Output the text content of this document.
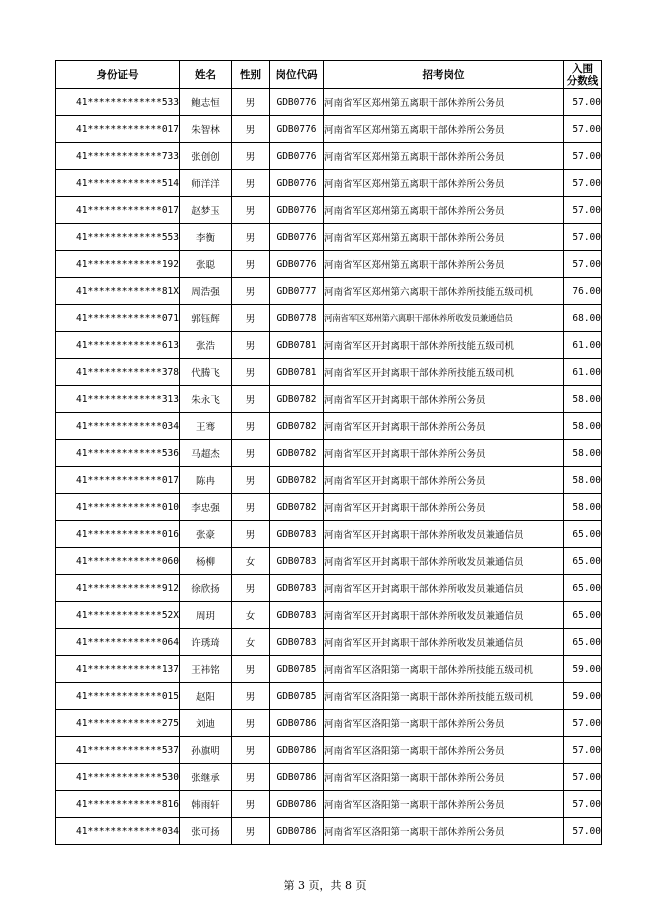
身份证号	姓名	性别	岗位代码	招考岗位	入围
分数线

41*************533	鲍志恒	男	GDB0776	河南省军区郑州第五离职干部休养所公务员	57.00
41*************017	朱智林	男	GDB0776	河南省军区郑州第五离职干部休养所公务员	57.00
41*************733	张创创	男	GDB0776	河南省军区郑州第五离职干部休养所公务员	57.00
41*************514	师洋洋	男	GDB0776	河南省军区郑州第五离职干部休养所公务员	57.00
41*************017	赵梦玉	男	GDB0776	河南省军区郑州第五离职干部休养所公务员	57.00
41*************553	李衡	男	GDB0776	河南省军区郑州第五离职干部休养所公务员	57.00
41*************192	张聪	男	GDB0776	河南省军区郑州第五离职干部休养所公务员	57.00
41*************81X	周浩强	男	GDB0777	河南省军区郑州第六离职干部休养所技能五级司机	76.00
41*************071	郭钰辉	男	GDB0778	河南省军区郑州第六离职干部休养所收发员兼通信员	68.00
41*************613	张浩	男	GDB0781	河南省军区开封离职干部休养所技能五级司机	61.00
41*************378	代腾飞	男	GDB0781	河南省军区开封离职干部休养所技能五级司机	61.00
41*************313	朱永飞	男	GDB0782	河南省军区开封离职干部休养所公务员	58.00
41*************034	王骞	男	GDB0782	河南省军区开封离职干部休养所公务员	58.00
41*************536	马超杰	男	GDB0782	河南省军区开封离职干部休养所公务员	58.00
41*************017	陈冉	男	GDB0782	河南省军区开封离职干部休养所公务员	58.00
41*************010	李忠强	男	GDB0782	河南省军区开封离职干部休养所公务员	58.00
41*************016	张豪	男	GDB0783	河南省军区开封离职干部休养所收发员兼通信员	65.00
41*************060	杨柳	女	GDB0783	河南省军区开封离职干部休养所收发员兼通信员	65.00
41*************912	徐欣扬	男	GDB0783	河南省军区开封离职干部休养所收发员兼通信员	65.00
41*************52X	周玥	女	GDB0783	河南省军区开封离职干部休养所收发员兼通信员	65.00
41*************064	许琇琦	女	GDB0783	河南省军区开封离职干部休养所收发员兼通信员	65.00
41*************137	王祎铭	男	GDB0785	河南省军区洛阳第一离职干部休养所技能五级司机	59.00
41*************015	赵阳	男	GDB0785	河南省军区洛阳第一离职干部休养所技能五级司机	59.00
41*************275	刘迪	男	GDB0786	河南省军区洛阳第一离职干部休养所公务员	57.00
41*************537	孙旗明	男	GDB0786	河南省军区洛阳第一离职干部休养所公务员	57.00
41*************530	张继承	男	GDB0786	河南省军区洛阳第一离职干部休养所公务员	57.00
41*************816	韩雨轩	男	GDB0786	河南省军区洛阳第一离职干部休养所公务员	57.00
41*************034	张可扬	男	GDB0786	河南省军区洛阳第一离职干部休养所公务员	57.00
第 3 页，共 8 页
